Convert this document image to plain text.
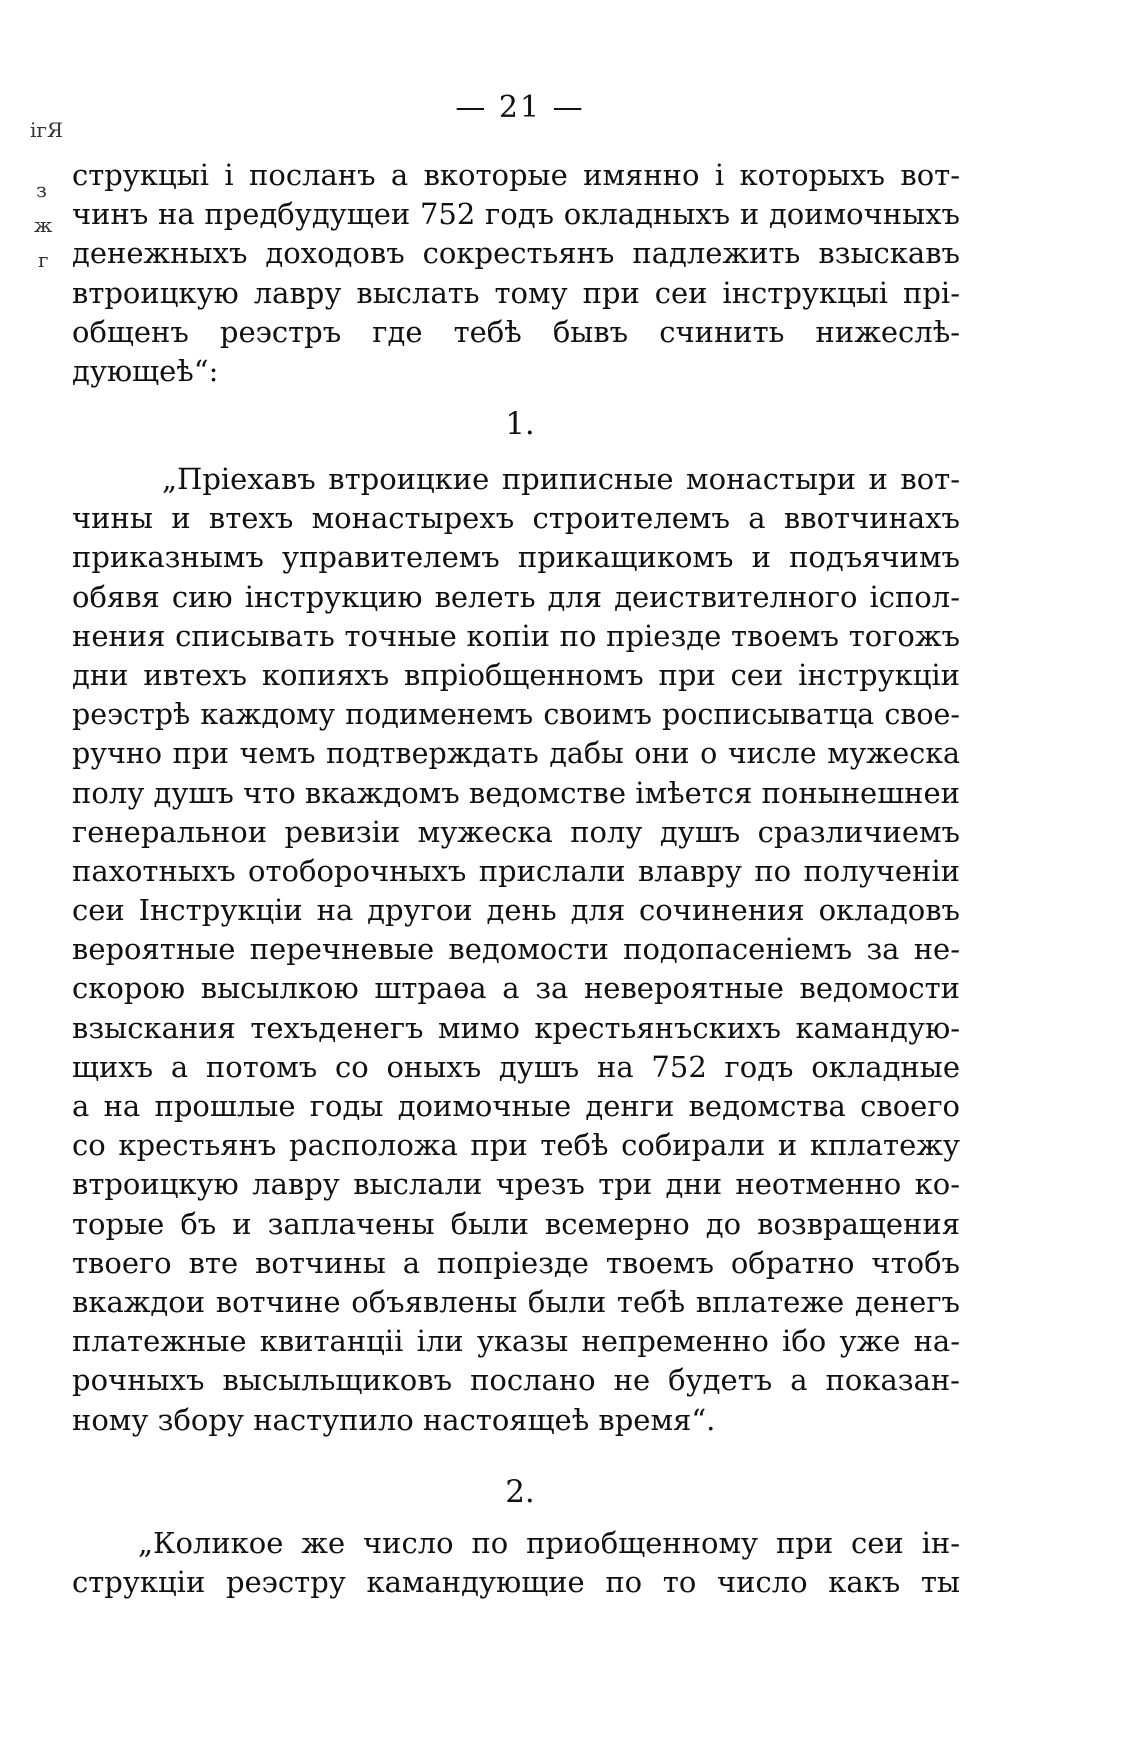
— 21 —
ігЯ
з
ж
г
струкцыі і посланъ а вкоторые имянно і которыхъ вот-
чинъ на предбудущеи 752 годъ окладныхъ и доимочныхъ
денежныхъ доходовъ сокрестьянъ падлежить взыскавъ
втроицкую лавру выслать тому при сеи інструкцыі прі-
общенъ реэстръ где тебѣ бывъ счинить нижеслѣ-
дующеѣ“:
1.
„Пріехавъ втроицкие приписные монастыри и вот-
чины и втехъ монастырехъ строителемъ а ввотчинахъ
приказнымъ управителемъ прикащикомъ и подъячимъ
обявя сию інструкцию велеть для деиствителного іспол-
нения списывать точные копіи по пріезде твоемъ тогожъ
дни ивтехъ копияхъ впріобщенномъ при сеи інструкціи
реэстрѣ каждому подименемъ своимъ росписыватца свое-
ручно при чемъ подтверждать дабы они о числе мужеска
полу душъ что вкаждомъ ведомстве імѣется понынешнеи
генеральнои ревизіи мужеска полу душъ сразличиемъ
пахотныхъ отоборочныхъ прислали влавру по полученіи
сеи Інструкціи на другои день для сочинения окладовъ
вероятные перечневые ведомости подопасеніемъ за не-
скорою высылкою штраѳа а за невероятные ведомости
взыскания техъденегъ мимо крестьянъскихъ камандую-
щихъ а потомъ со оныхъ душъ на 752 годъ окладные
а на прошлые годы доимочные денги ведомства своего
со крестьянъ расположа при тебѣ собирали и кплатежу
втроицкую лавру выслали чрезъ три дни неотменно ко-
торые бъ и заплачены были всемерно до возвращения
твоего вте вотчины а попріезде твоемъ обратно чтобъ
вкаждои вотчине объявлены были тебѣ вплатеже денегъ
платежные квитанціі іли указы непременно ібо уже на-
рочныхъ высыльщиковъ послано не будетъ а показан-
ному збору наступило настоящеѣ время“.
2.
„Коликое же число по приобщенному при сеи ін-
струкціи реэстру камандующие по то число какъ ты
